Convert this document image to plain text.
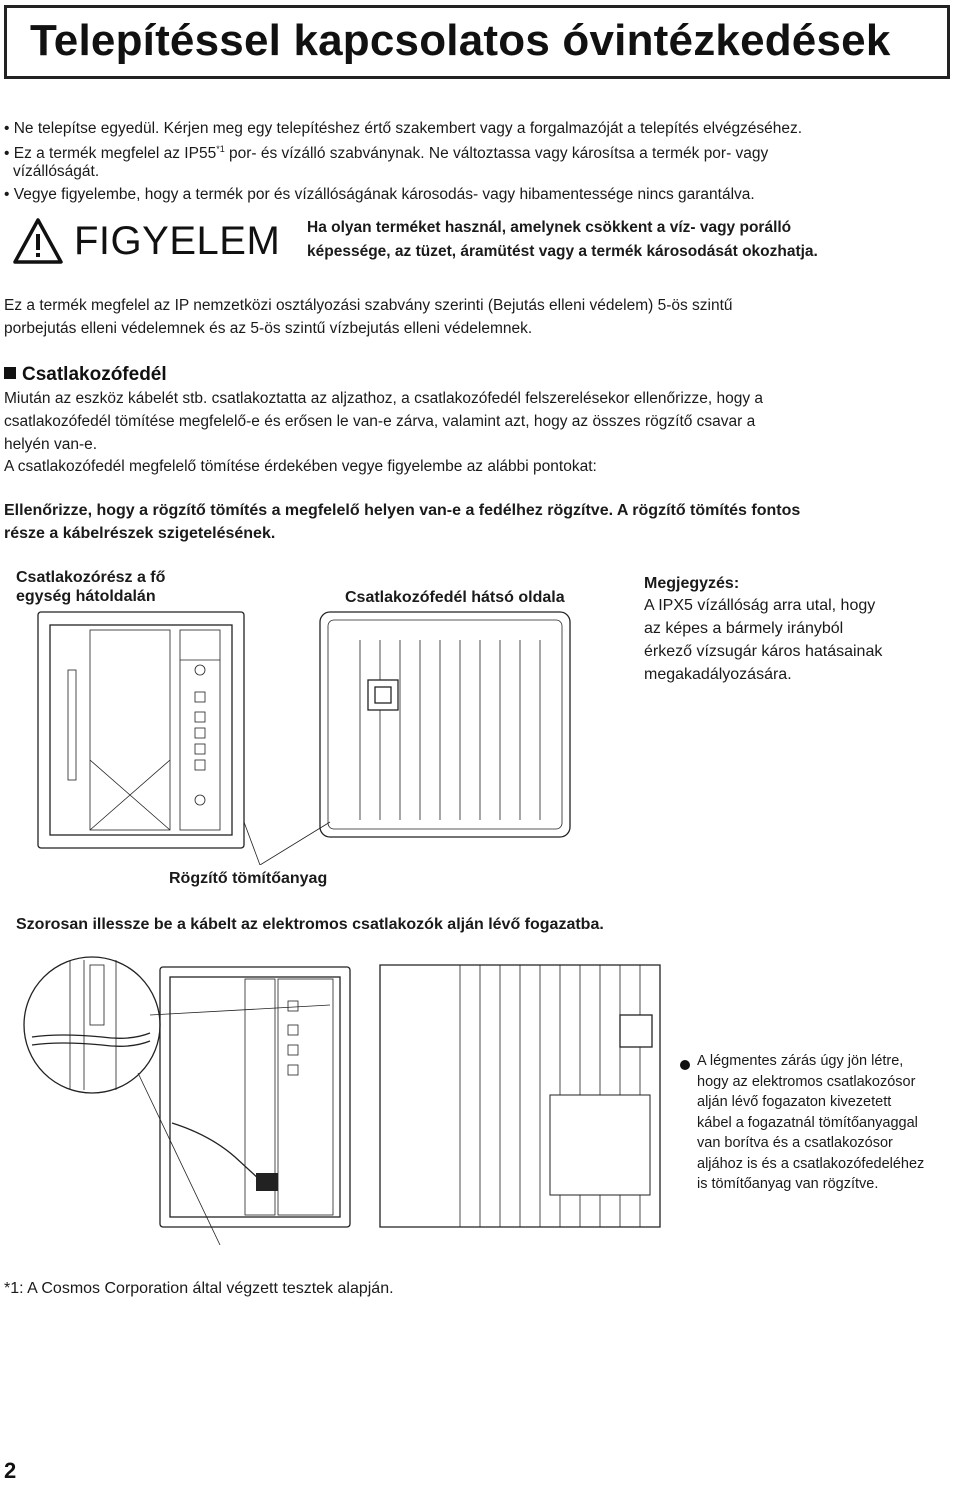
Telepítéssel kapcsolatos óvintézkedések
• Ne telepítse egyedül. Kérjen meg egy telepítéshez értő szakembert vagy a forgalmazóját a telepítés elvégzéséhez.
• Ez a termék megfelel az IP55$^{*1}$ por- és vízálló szabványnak. Ne változtassa vagy károsítsa a termék por- vagy
vízállóságát.
• Vegye figyelembe, hogy a termék por és vízállóságának károsodás- vagy hibamentessége nincs garantálva.
FIGYELEM Ha olyan terméket használ, amelynek csökkent a víz- vagy porálló
képessége, az tüzet, áramütést vagy a termék károsodását okozhatja.
Ez a termék megfelel az IP nemzetközi osztályozási szabvány szerinti (Bejutás elleni védelem) 5-ös szintű
porbejutás elleni védelemnek és az 5-ös szintű vízbejutás elleni védelemnek.
Csatlakozófedél
Miután az eszköz kábelét stb. csatlakoztatta az aljzathoz, a csatlakozófedél felszerelésekor ellenőrizze, hogy a
csatlakozófedél tömítése megfelelő-e és erősen le van-e zárva, valamint azt, hogy az összes rögzítő csavar a
helyén van-e.
A csatlakozófedél megfelelő tömítése érdekében vegye figyelembe az alábbi pontokat:
Ellenőrizze, hogy a rögzítő tömítés a megfelelő helyen van-e a fedélhez rögzítve. A rögzítő tömítés fontos
része a kábelrészek szigetelésének.
Csatlakozórész a fő
egység hátoldalán	Csatlakozófedél hátsó oldala
Rögzítő tömítőanyag
Megjegyzés:
A IPX5 vízállóság arra utal, hogy
az képes a bármely irányból
érkező vízsugár káros hatásainak
megakadályozására.
Szorosan illessze be a kábelt az elektromos csatlakozók alján lévő fogazatba.
A légmentes zárás úgy jön létre,
hogy az elektromos csatlakozósor
alján lévő fogazaton kivezetett
kábel a fogazatnál tömítőanyaggal
van borítva és a csatlakozósor
aljához is és a csatlakozófedeléhez
is tömítőanyag van rögzítve.
*1: A Cosmos Corporation által végzett tesztek alapján.
2
